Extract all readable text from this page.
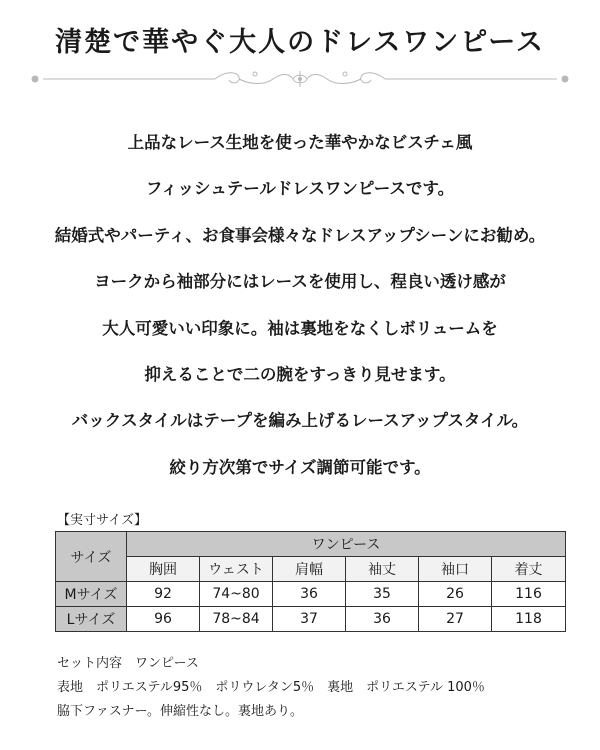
清楚で華やぐ大人のドレスワンピース
上品なレース生地を使った華やかなビスチェ風
フィッシュテールドレスワンピースです。
結婚式やパーティ、お食事会様々なドレスアップシーンにお勧め。
ヨークから袖部分にはレースを使用し、程良い透け感が
大人可愛いい印象に。袖は裏地をなくしボリュームを
抑えることで二の腕をすっきり見せます。
バックスタイルはテープを編み上げるレースアップスタイル。
絞り方次第でサイズ調節可能です。
【実寸サイズ】
サイズ	ワンピース					
	胸囲	ウェスト	肩幅	袖丈	袖口	着丈
Mサイズ	92	74~80	36	35	26	116
Lサイズ	96	78~84	37	36	27	118
セット内容　ワンピース
表地　ポリエステル95％　ポリウレタン5％　裏地　ポリエステル 100％
脇下ファスナー。伸縮性なし。裏地あり。
